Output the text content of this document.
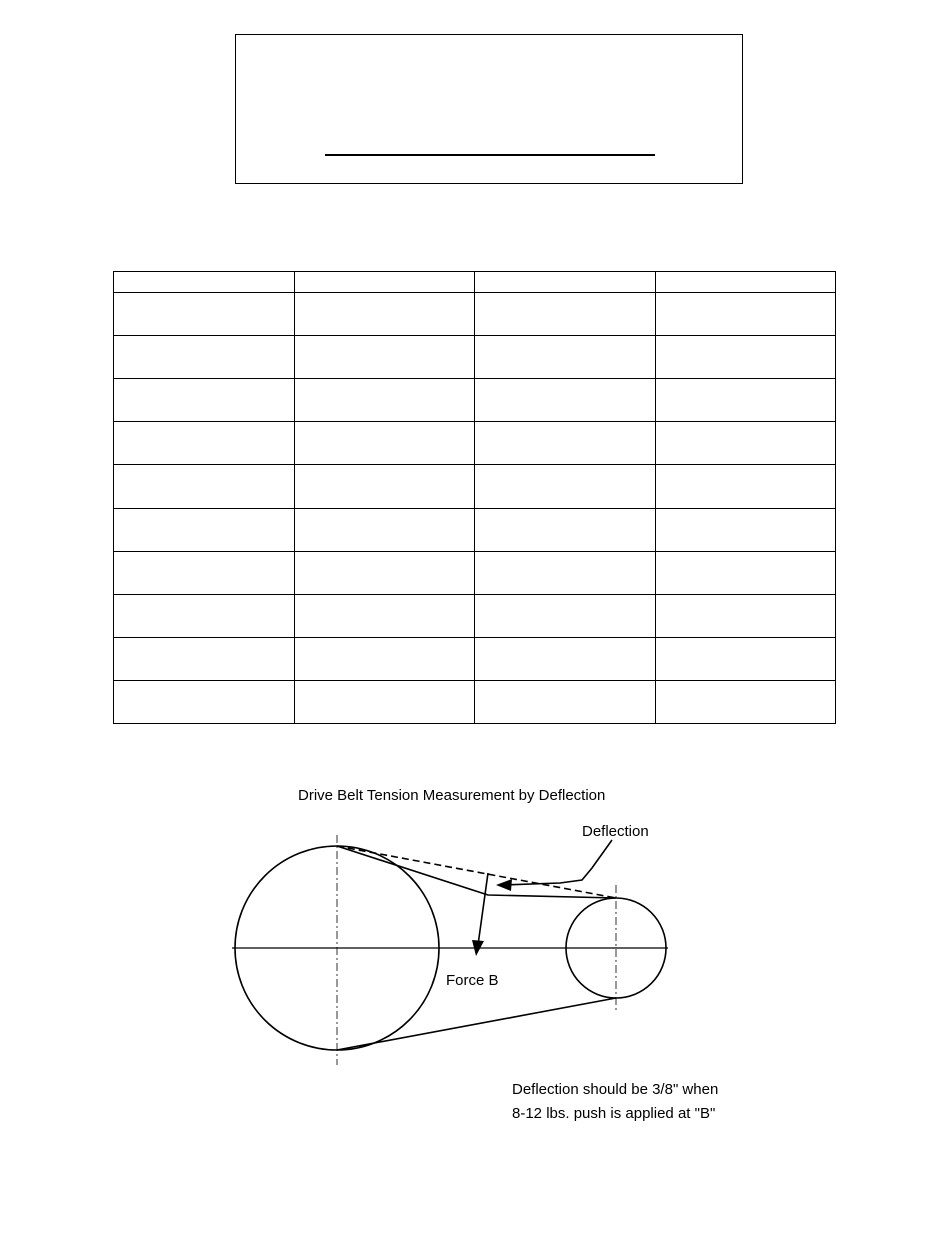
Drive Belt Tension Measurement by Deflection
Deflection
Force B
Deflection should be 3/8" when
8-12 lbs. push is applied at "B"
